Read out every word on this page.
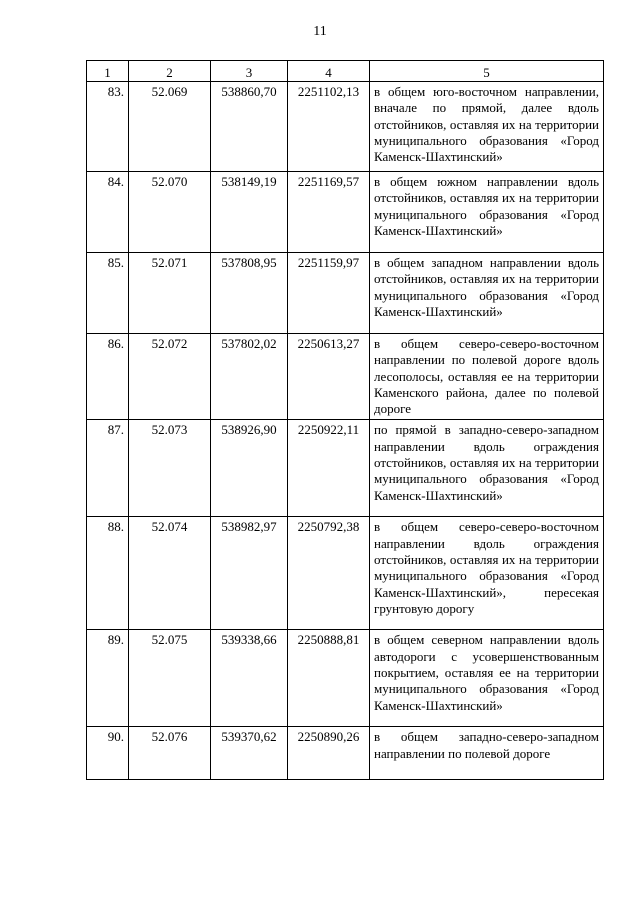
11
1	2	3	4	5
83.	52.069	538860,70	2251102,13	в общем юго-восточном направлении, вначале по прямой, далее вдоль отстойников, оставляя их на территории муниципального образования «Город Каменск-Шахтинский»
84.	52.070	538149,19	2251169,57	в общем южном направлении вдоль отстойников, оставляя их на территории муниципального образования «Город Каменск-Шахтинский»
85.	52.071	537808,95	2251159,97	в общем западном направлении вдоль отстойников, оставляя их на территории муниципального образования «Город Каменск-Шахтинский»
86.	52.072	537802,02	2250613,27	в общем северо-северо-восточном направлении по полевой дороге вдоль лесополосы, оставляя ее на территории Каменского района, далее по полевой дороге
87.	52.073	538926,90	2250922,11	по прямой в западно-северо-западном направлении вдоль ограждения отстойников, оставляя их на территории муниципального образования «Город Каменск-Шахтинский»
88.	52.074	538982,97	2250792,38	в общем северо-северо-восточном направлении вдоль ограждения отстойников, оставляя их на территории муниципального образования «Город Каменск-Шахтинский», пересекая грунтовую дорогу
89.	52.075	539338,66	2250888,81	в общем северном направлении вдоль автодороги с усовершенствованным покрытием, оставляя ее на территории муниципального образования «Город Каменск-Шахтинский»
90.	52.076	539370,62	2250890,26	в общем западно-северо-западном направлении по полевой дороге
